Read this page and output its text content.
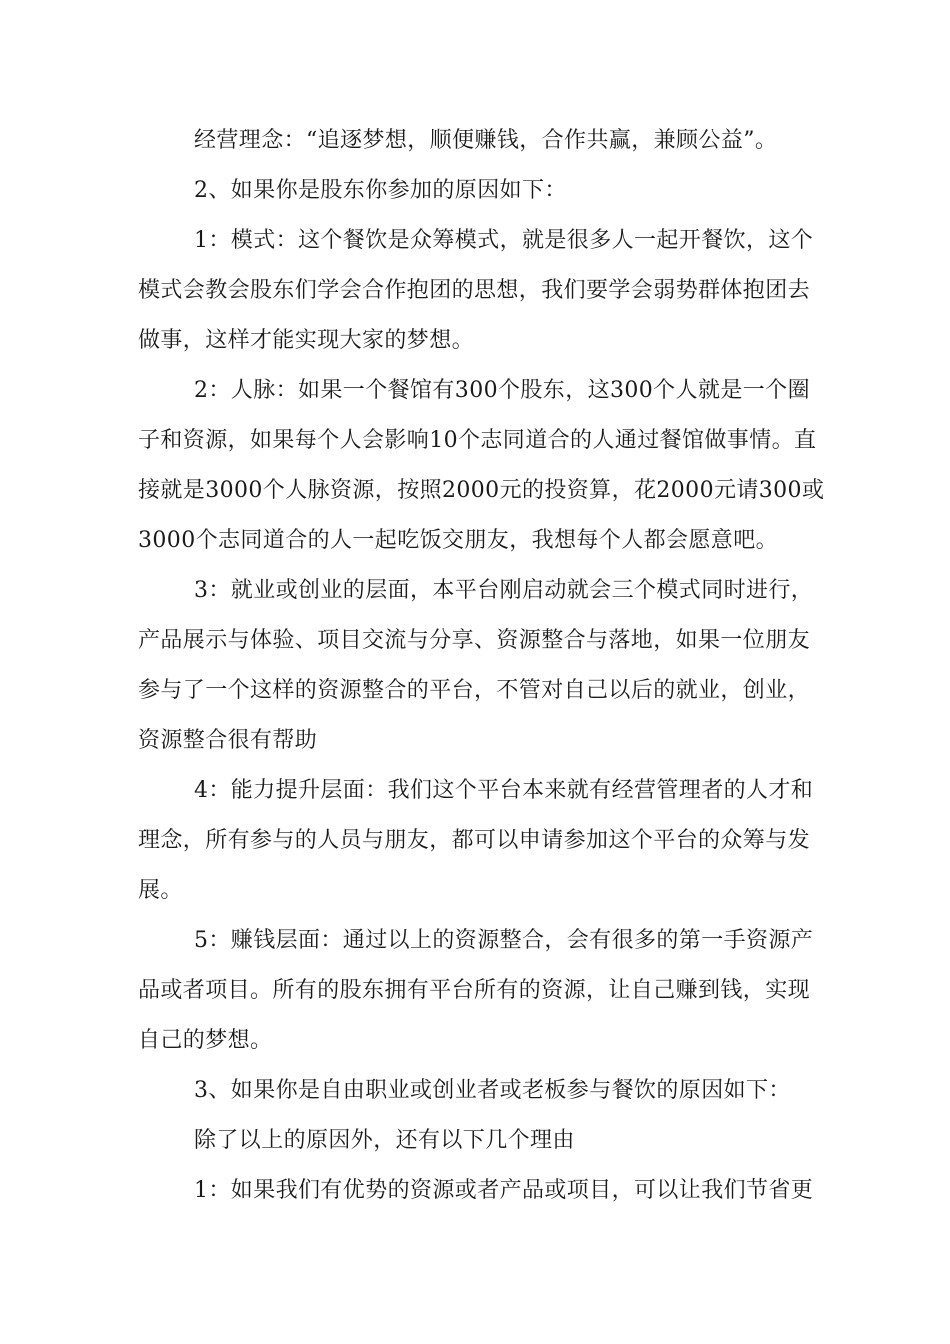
经营理念：“追逐梦想，顺便赚钱，合作共赢，兼顾公益”。
2、如果你是股东你参加的原因如下：
1：模式：这个餐饮是众筹模式，就是很多人一起开餐饮，这个
模式会教会股东们学会合作抱团的思想，我们要学会弱势群体抱团去
做事，这样才能实现大家的梦想。
2：人脉：如果一个餐馆有300个股东，这300个人就是一个圈
子和资源，如果每个人会影响10个志同道合的人通过餐馆做事情。直
接就是3000个人脉资源，按照2000元的投资算，花2000元请300或
3000个志同道合的人一起吃饭交朋友，我想每个人都会愿意吧。
3：就业或创业的层面，本平台刚启动就会三个模式同时进行，
产品展示与体验、项目交流与分享、资源整合与落地，如果一位朋友
参与了一个这样的资源整合的平台，不管对自己以后的就业，创业，
资源整合很有帮助
4：能力提升层面：我们这个平台本来就有经营管理者的人才和
理念，所有参与的人员与朋友，都可以申请参加这个平台的众筹与发
展。
5：赚钱层面：通过以上的资源整合，会有很多的第一手资源产
品或者项目。所有的股东拥有平台所有的资源，让自己赚到钱，实现
自己的梦想。
3、如果你是自由职业或创业者或老板参与餐饮的原因如下：
除了以上的原因外，还有以下几个理由
1：如果我们有优势的资源或者产品或项目，可以让我们节省更
